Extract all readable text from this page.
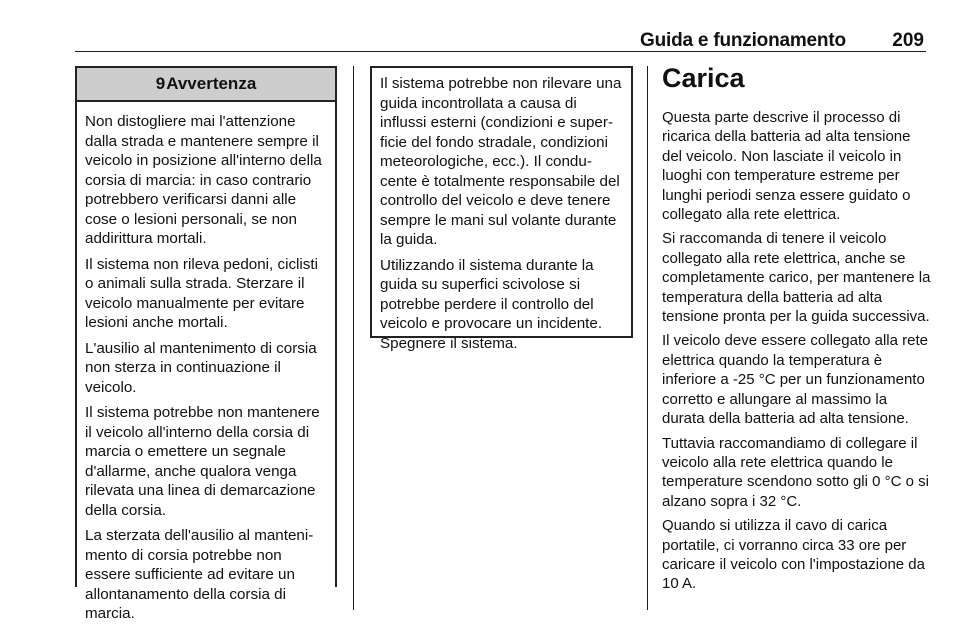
Guida e funzionamento 209
9 Avvertenza

Non distogliere mai l'attenzione dalla strada e mantenere sempre il veicolo in posizione all'interno della corsia di marcia: in caso contrario potrebbero verificarsi danni alle cose o lesioni personali, se non addirittura mortali.

Il sistema non rileva pedoni, ciclisti o animali sulla strada. Sterzare il veicolo manualmente per evitare lesioni anche mortali.

L'ausilio al mantenimento di corsia non sterza in continuazione il veicolo.

Il sistema potrebbe non mantenere il veicolo all'interno della corsia di marcia o emettere un segnale d'allarme, anche qualora venga rilevata una linea di demarcazione della corsia.

La sterzata dell'ausilio al mantenimento di corsia potrebbe non essere sufficiente ad evitare un allontanamento della corsia di marcia.

Il sistema potrebbe non rilevare una guida incontrollata a causa di influssi esterni (condizioni e superficie del fondo stradale, condizioni meteorologiche, ecc.). Il conducente è totalmente responsabile del controllo del veicolo e deve tenere sempre le mani sul volante durante la guida.

Utilizzando il sistema durante la guida su superfici scivolose si potrebbe perdere il controllo del veicolo e provocare un incidente. Spegnere il sistema.

Carica

Questa parte descrive il processo di ricarica della batteria ad alta tensione del veicolo. Non lasciate il veicolo in luoghi con temperature estreme per lunghi periodi senza essere guidato o collegato alla rete elettrica.

Si raccomanda di tenere il veicolo collegato alla rete elettrica, anche se completamente carico, per mantenere la temperatura della batteria ad alta tensione pronta per la guida successiva.

Il veicolo deve essere collegato alla rete elettrica quando la temperatura è inferiore a -25 °C per un funzionamento corretto e allungare al massimo la durata della batteria ad alta tensione.

Tuttavia raccomandiamo di collegare il veicolo alla rete elettrica quando le temperature scendono sotto gli 0 °C o si alzano sopra i 32 °C.

Quando si utilizza il cavo di carica portatile, ci vorranno circa 33 ore per caricare il veicolo con l'impostazione da 10 A.
